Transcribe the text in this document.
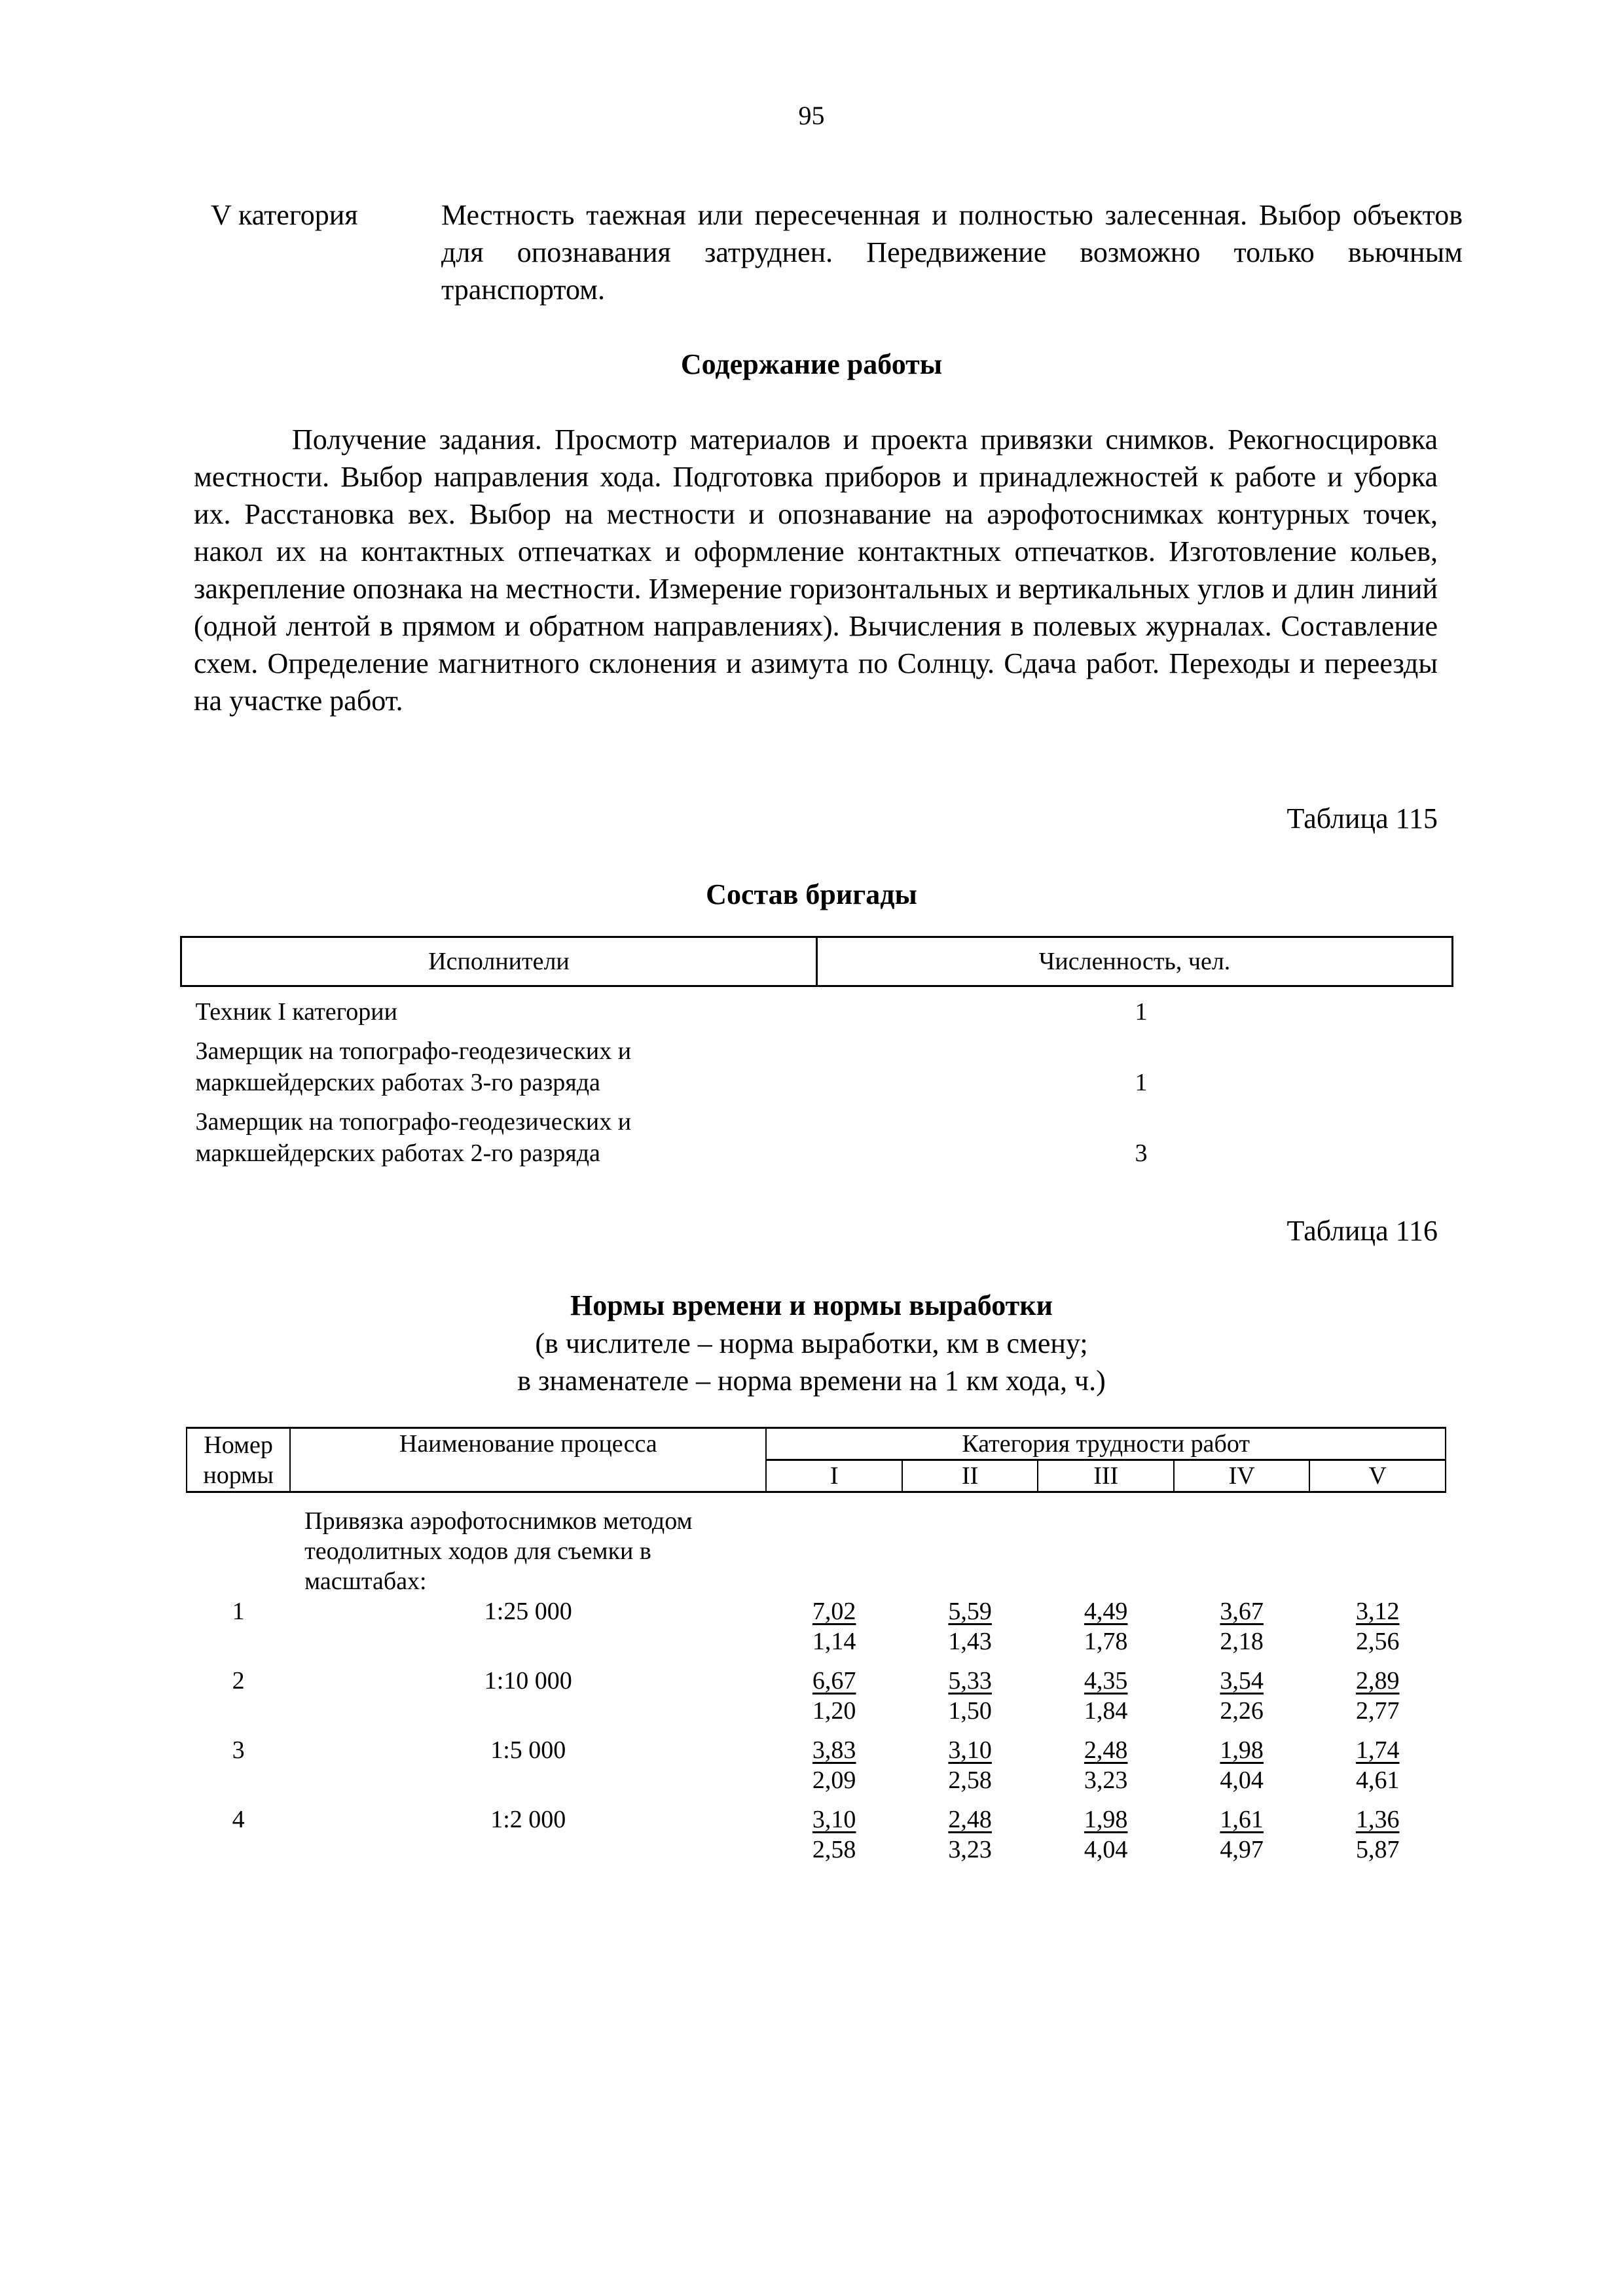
95
V категория	Местность таежная или пересеченная и полностью залесенная. Выбор объектов для опознавания затруднен. Передвижение возможно только вьючным транспортом.
Содержание работы
Получение задания. Просмотр материалов и проекта привязки снимков. Рекогносцировка местности. Выбор направления хода. Подготовка приборов и принадлежностей к работе и уборка их. Расстановка вех. Выбор на местности и опознавание на аэрофотоснимках контурных точек, накол их на контактных отпечатках и оформление контактных отпечатков. Изготовление кольев, закрепление опознака на местности. Измерение горизонтальных и вертикальных углов и длин линий (одной лентой в прямом и обратном направлениях). Вычисления в полевых журналах. Составление схем. Определение магнитного склонения и азимута по Солнцу. Сдача работ. Переходы и переезды на участке работ.
Таблица 115
Состав бригады
Исполнители	Численность, чел.
Техник I категории	1

Замерщик на топографо-геодезических и
маркшейдерских работах 3-го разряда	1

Замерщик на топографо-геодезических и
маркшейдерских работах 2-го разряда	3
Таблица 116
Нормы времени и нормы выработки
(в числителе – норма выработки, км в смену;
в знаменателе – норма времени на 1 км хода, ч.)
Номер
нормы	Наименование процесса	Категория трудности работ				
		I	II	III	IV	V

	Привязка аэрофотоснимков методом
теодолитных ходов для съемки в
масштабах:					

1	1:25 000	$\frac{7,02}{1,14}$	$\frac{5,59}{1,43}$	$\frac{4,49}{1,78}$	$\frac{3,67}{2,18}$	$\frac{3,12}{2,56}$

2	1:10 000	$\frac{6,67}{1,20}$	$\frac{5,33}{1,50}$	$\frac{4,35}{1,84}$	$\frac{3,54}{2,26}$	$\frac{2,89}{2,77}$

3	1:5 000	$\frac{3,83}{2,09}$	$\frac{3,10}{2,58}$	$\frac{2,48}{3,23}$	$\frac{1,98}{4,04}$	$\frac{1,74}{4,61}$

4	1:2 000	$\frac{3,10}{2,58}$	$\frac{2,48}{3,23}$	$\frac{1,98}{4,04}$	$\frac{1,61}{4,97}$	$\frac{1,36}{5,87}$
